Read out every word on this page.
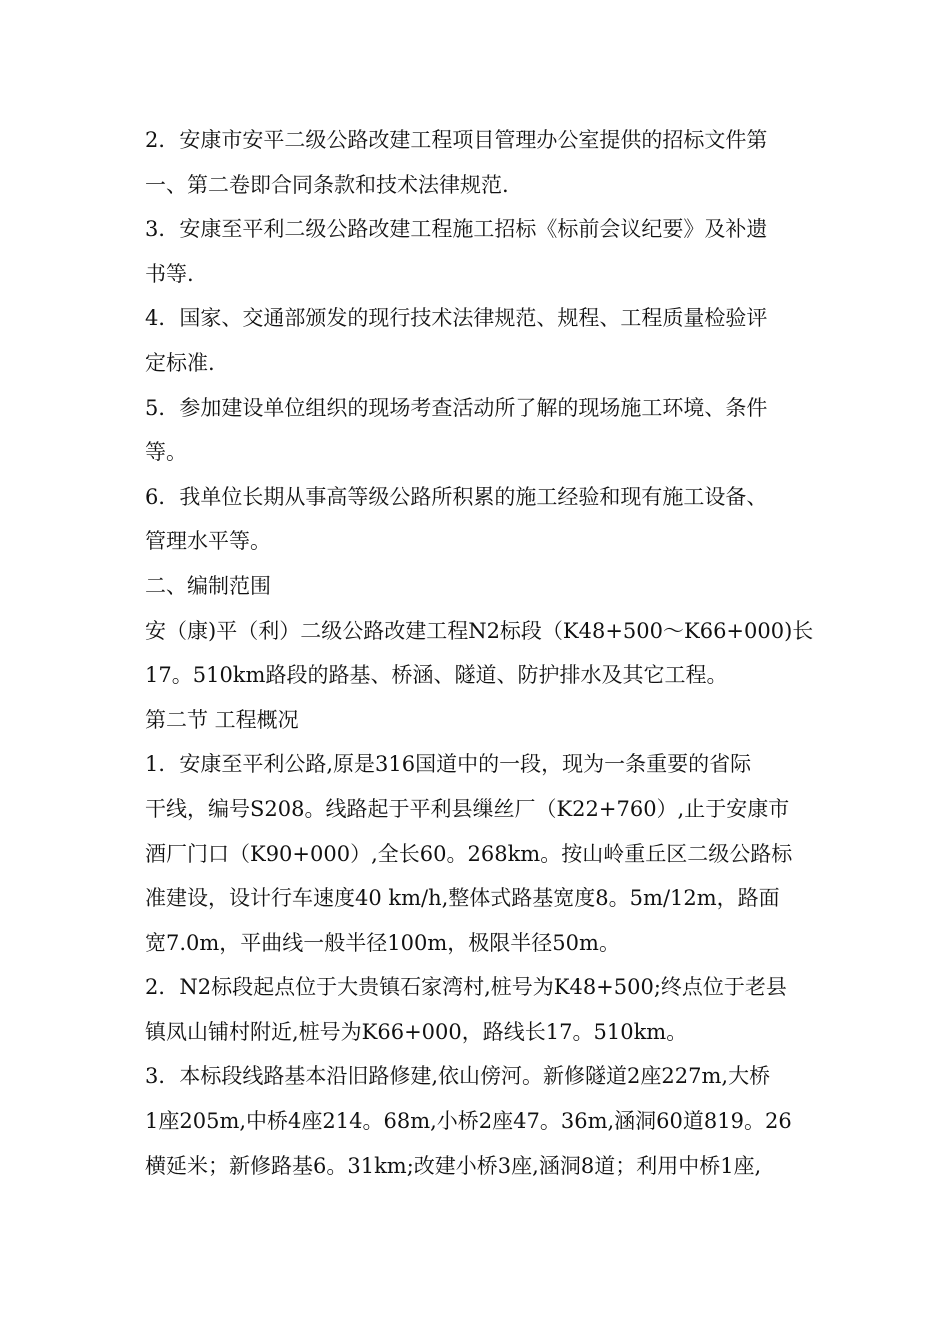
2．安康市安平二级公路改建工程项目管理办公室提供的招标文件第
一、第二卷即合同条款和技术法律规范.
3．安康至平利二级公路改建工程施工招标《标前会议纪要》及补遗
书等.
4．国家、交通部颁发的现行技术法律规范、规程、工程质量检验评
定标准.
5．参加建设单位组织的现场考查活动所了解的现场施工环境、条件
等。
6．我单位长期从事高等级公路所积累的施工经验和现有施工设备、
管理水平等。
二、编制范围
安（康)平（利）二级公路改建工程N2标段（K48+500～K66+000)长
17。510km路段的路基、桥涵、隧道、防护排水及其它工程。
第二节 工程概况
1．安康至平利公路,原是316国道中的一段，现为一条重要的省际
干线，编号S208。线路起于平利县缫丝厂（K22+760）,止于安康市
酒厂门口（K90+000）,全长60。268km。按山岭重丘区二级公路标
准建设，设计行车速度40 km/h,整体式路基宽度8。5m/12m，路面
宽7.0m，平曲线一般半径100m，极限半径50m。
2．N2标段起点位于大贵镇石家湾村,桩号为K48+500;终点位于老县
镇凤山铺村附近,桩号为K66+000，路线长17。510km。
3．本标段线路基本沿旧路修建,依山傍河。新修隧道2座227m,大桥
1座205m,中桥4座214。68m,小桥2座47。36m,涵洞60道819。26
横延米；新修路基6。31km;改建小桥3座,涵洞8道；利用中桥1座,
